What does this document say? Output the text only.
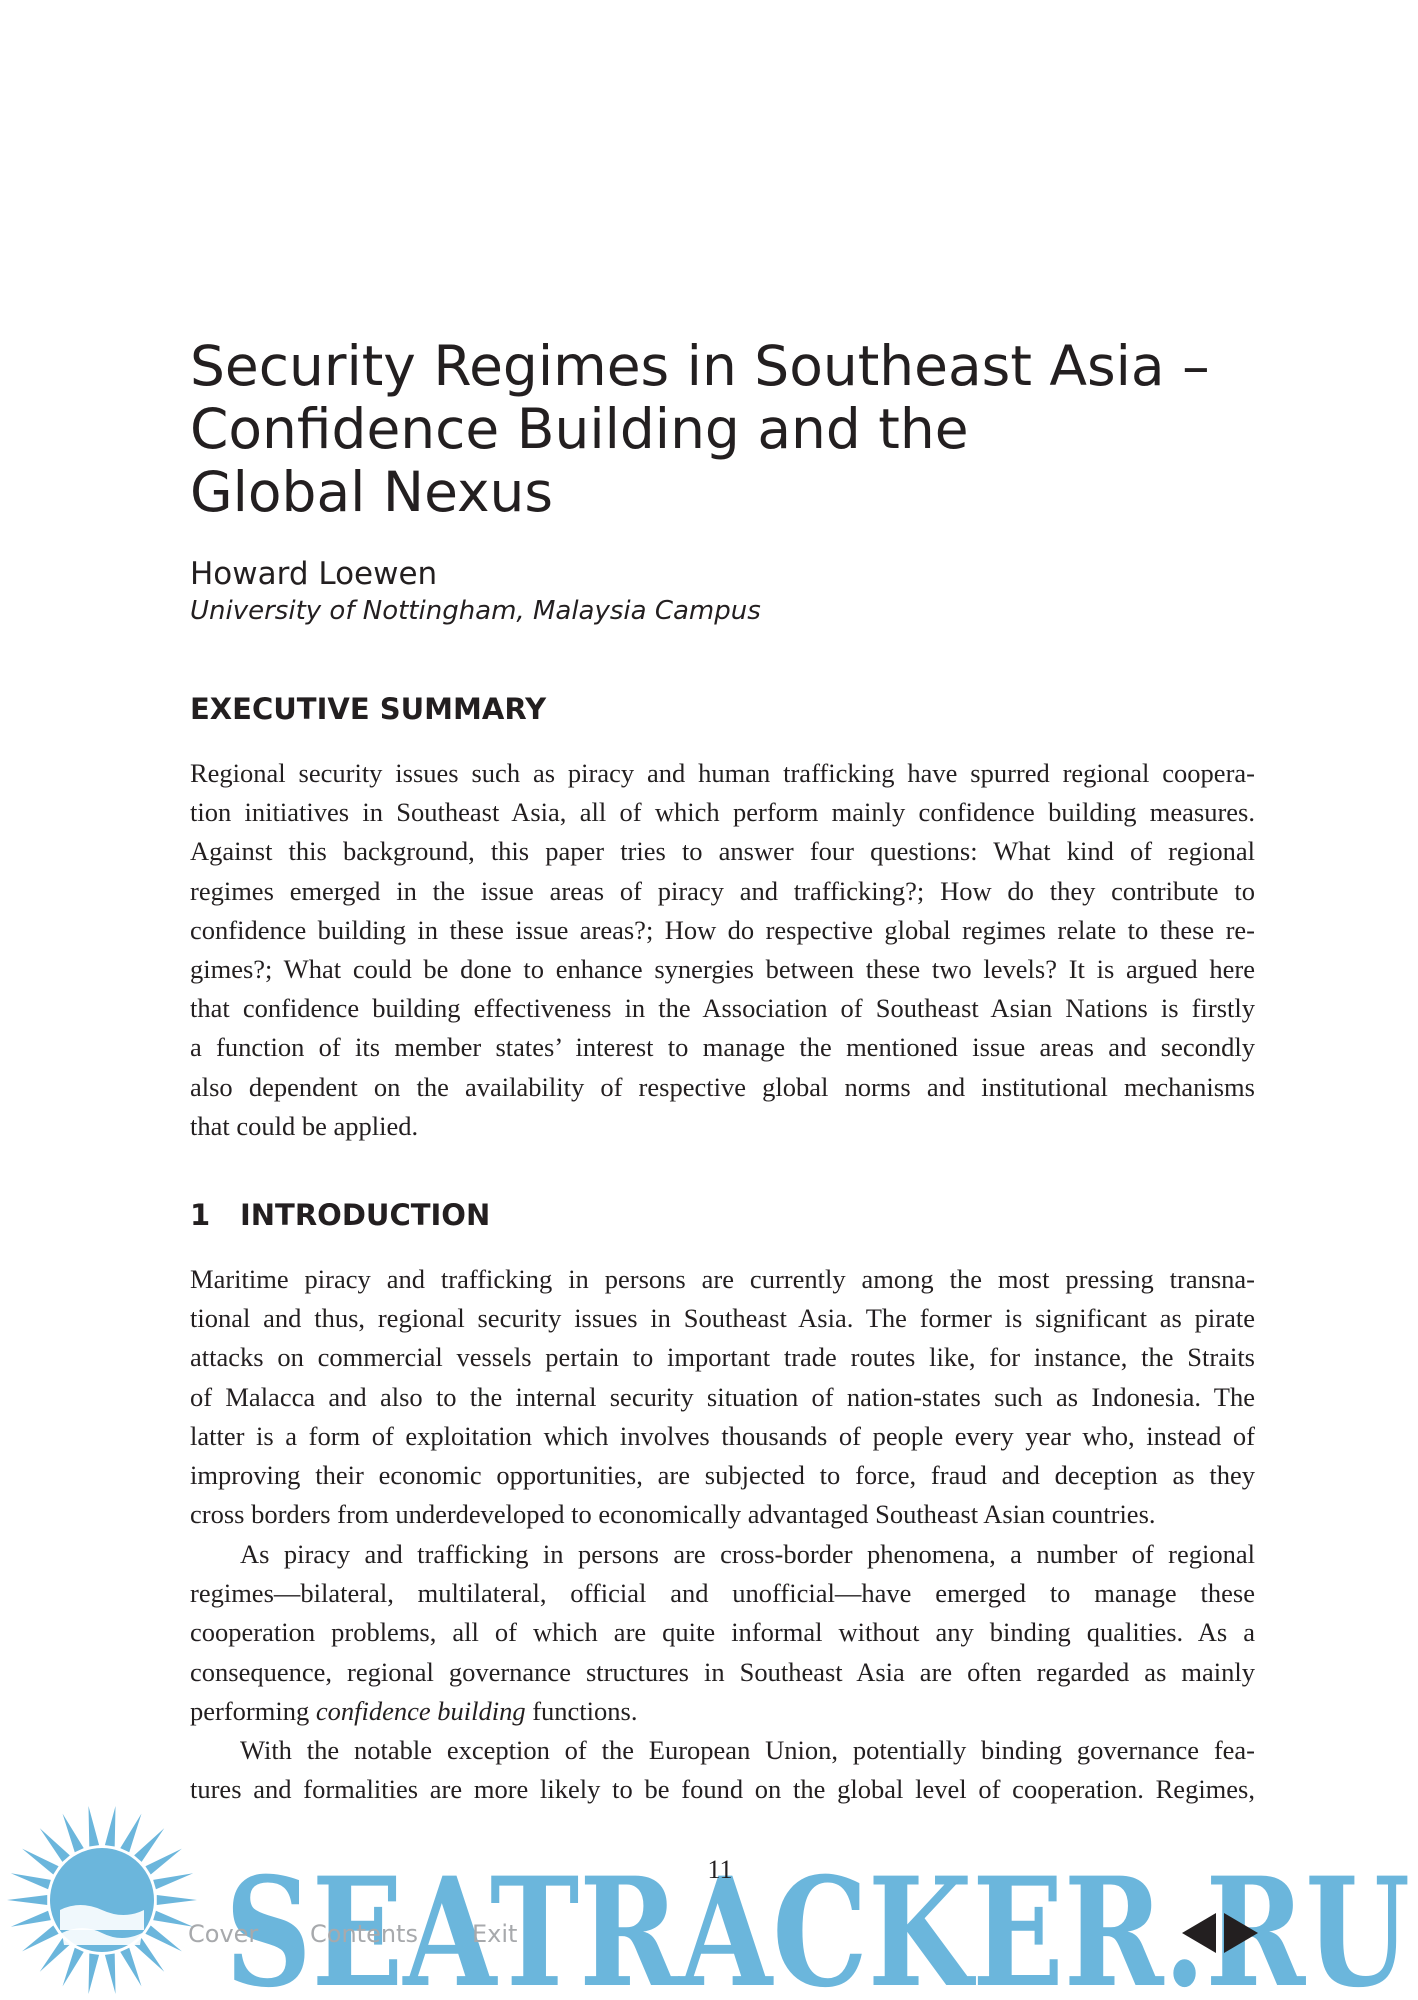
Security Regimes in Southeast Asia –
Confidence Building and the
Global Nexus
Howard Loewen
University of Nottingham, Malaysia Campus
EXECUTIVE SUMMARY
Regional security issues such as piracy and human trafficking have spurred regional coopera-
tion initiatives in Southeast Asia, all of which perform mainly confidence building measures.
Against this background, this paper tries to answer four questions: What kind of regional
regimes emerged in the issue areas of piracy and trafficking?; How do they contribute to
confidence building in these issue areas?; How do respective global regimes relate to these re-
gimes?; What could be done to enhance synergies between these two levels? It is argued here
that confidence building effectiveness in the Association of Southeast Asian Nations is firstly
a function of its member states’ interest to manage the mentioned issue areas and secondly
also dependent on the availability of respective global norms and institutional mechanisms
that could be applied.
1 INTRODUCTION
Maritime piracy and trafficking in persons are currently among the most pressing transna-
tional and thus, regional security issues in Southeast Asia. The former is significant as pirate
attacks on commercial vessels pertain to important trade routes like, for instance, the Straits
of Malacca and also to the internal security situation of nation-states such as Indonesia. The
latter is a form of exploitation which involves thousands of people every year who, instead of
improving their economic opportunities, are subjected to force, fraud and deception as they
cross borders from underdeveloped to economically advantaged Southeast Asian countries.
As piracy and trafficking in persons are cross-border phenomena, a number of regional
regimes—bilateral, multilateral, official and unofficial—have emerged to manage these
cooperation problems, all of which are quite informal without any binding qualities. As a
consequence, regional governance structures in Southeast Asia are often regarded as mainly
performing confidence building functions.
With the notable exception of the European Union, potentially binding governance fea-
tures and formalities are more likely to be found on the global level of cooperation. Regimes,
SEATRACKER.RU
11
Cover Contents Exit
